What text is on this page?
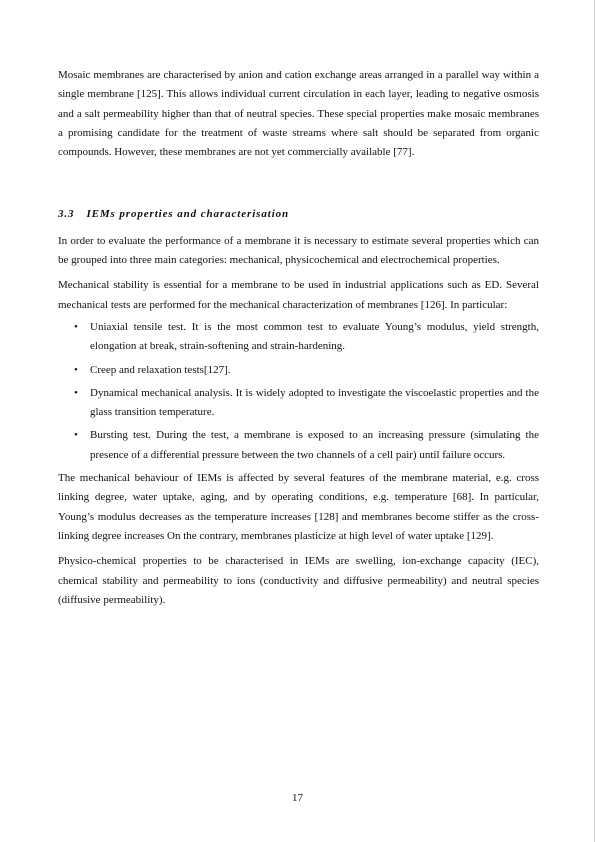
Mosaic membranes are characterised by anion and cation exchange areas arranged in a parallel way within a single membrane [125]. This allows individual current circulation in each layer, leading to negative osmosis and a salt permeability higher than that of neutral species. These special properties make mosaic membranes a promising candidate for the treatment of waste streams where salt should be separated from organic compounds. However, these membranes are not yet commercially available [77].

3.3 IEMs properties and characterisation

In order to evaluate the performance of a membrane it is necessary to estimate several properties which can be grouped into three main categories: mechanical, physicochemical and electrochemical properties.

Mechanical stability is essential for a membrane to be used in industrial applications such as ED. Several mechanical tests are performed for the mechanical characterization of membranes [126]. In particular:

• Uniaxial tensile test. It is the most common test to evaluate Young’s modulus, yield strength, elongation at break, strain-softening and strain-hardening.
• Creep and relaxation tests[127].
• Dynamical mechanical analysis. It is widely adopted to investigate the viscoelastic properties and the glass transition temperature.
• Bursting test. During the test, a membrane is exposed to an increasing pressure (simulating the presence of a differential pressure between the two channels of a cell pair) until failure occurs.

The mechanical behaviour of IEMs is affected by several features of the membrane material, e.g. cross linking degree, water uptake, aging, and by operating conditions, e.g. temperature [68]. In particular, Young’s modulus decreases as the temperature increases [128] and membranes become stiffer as the cross-linking degree increases On the contrary, membranes plasticize at high level of water uptake [129].

Physico-chemical properties to be characterised in IEMs are swelling, ion-exchange capacity (IEC), chemical stability and permeability to ions (conductivity and diffusive permeability) and neutral species (diffusive permeability).

17
